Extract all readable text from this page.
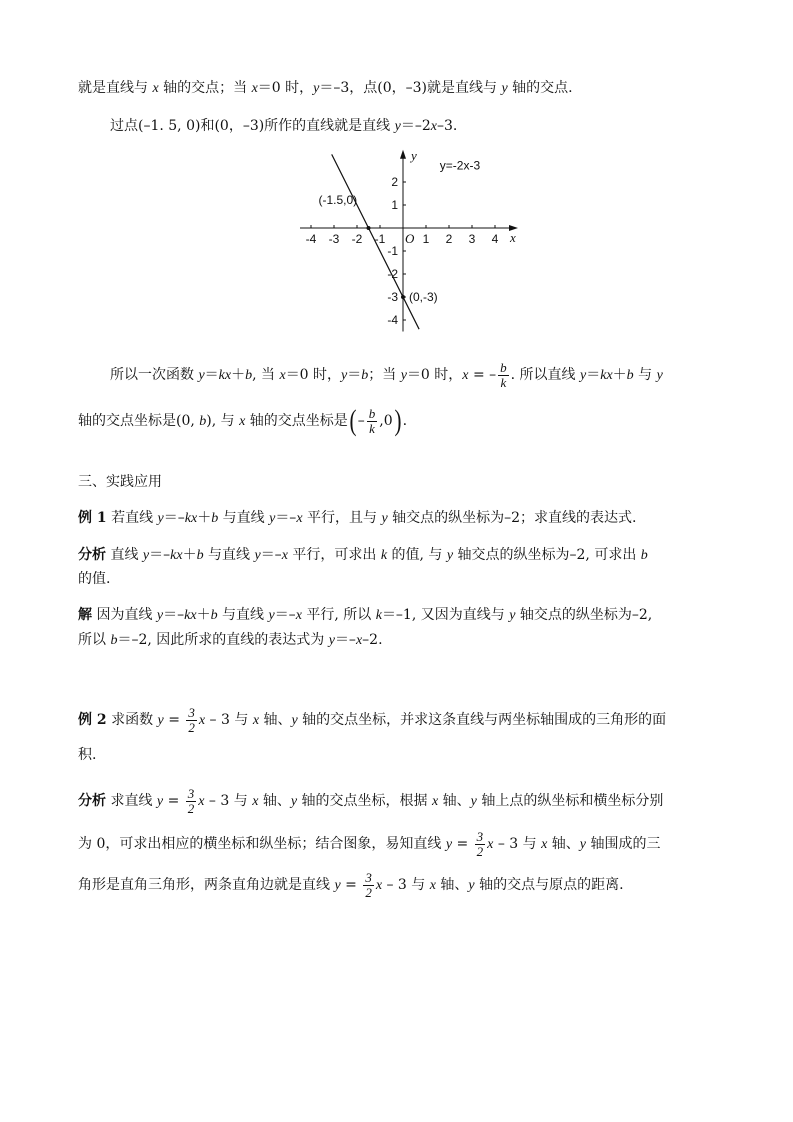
就是直线与 x 轴的交点；当 x＝0 时，y＝–3，点(0，–3)就是直线与 y 轴的交点.
过点(–1. 5, 0)和(0，–3)所作的直线就是直线 y＝–2x–3.
x
y
-4 -3 -2 -1	1 2 3 4
2
1
-1
-2
-3
-4
O
y=-2x-3
(-1.5,0)
(0,-3)
所以一次函数 y＝kx＋b, 当 x＝0 时，y＝b；当 y＝0 时，x = – $\frac{b}{k}$ . 所以直线 y＝kx＋b 与 y
轴的交点坐标是(0, b), 与 x 轴的交点坐标是( – $\frac{b}{k} ,0$) .
三、实践应用
例 1 若直线 y＝–kx＋b 与直线 y＝–x 平行，且与 y 轴交点的纵坐标为–2；求直线的表达式.
分析 直线 y＝–kx＋b 与直线 y＝–x 平行，可求出 k 的值, 与 y 轴交点的纵坐标为–2, 可求出 b
的值.
解 因为直线 y＝–kx＋b 与直线 y＝–x 平行, 所以 k＝–1, 又因为直线与 y 轴交点的纵坐标为–2,
所以 b＝–2, 因此所求的直线的表达式为 y＝–x–2.
例 2 求函数 $y = \frac{3}{2}$ x – 3 与 x 轴、y 轴的交点坐标，并求这条直线与两坐标轴围成的三角形的面
积.
分析 求直线 $y = \frac{3}{2}$ x – 3 与 x 轴、y 轴的交点坐标，根据 x 轴、y 轴上点的纵坐标和横坐标分别
为 0，可求出相应的横坐标和纵坐标；结合图象，易知直线 $y = \frac{3}{2}$ x – 3 与 x 轴、y 轴围成的三
角形是直角三角形，两条直角边就是直线 $y = \frac{3}{2}$ x – 3 与 x 轴、y 轴的交点与原点的距离.
